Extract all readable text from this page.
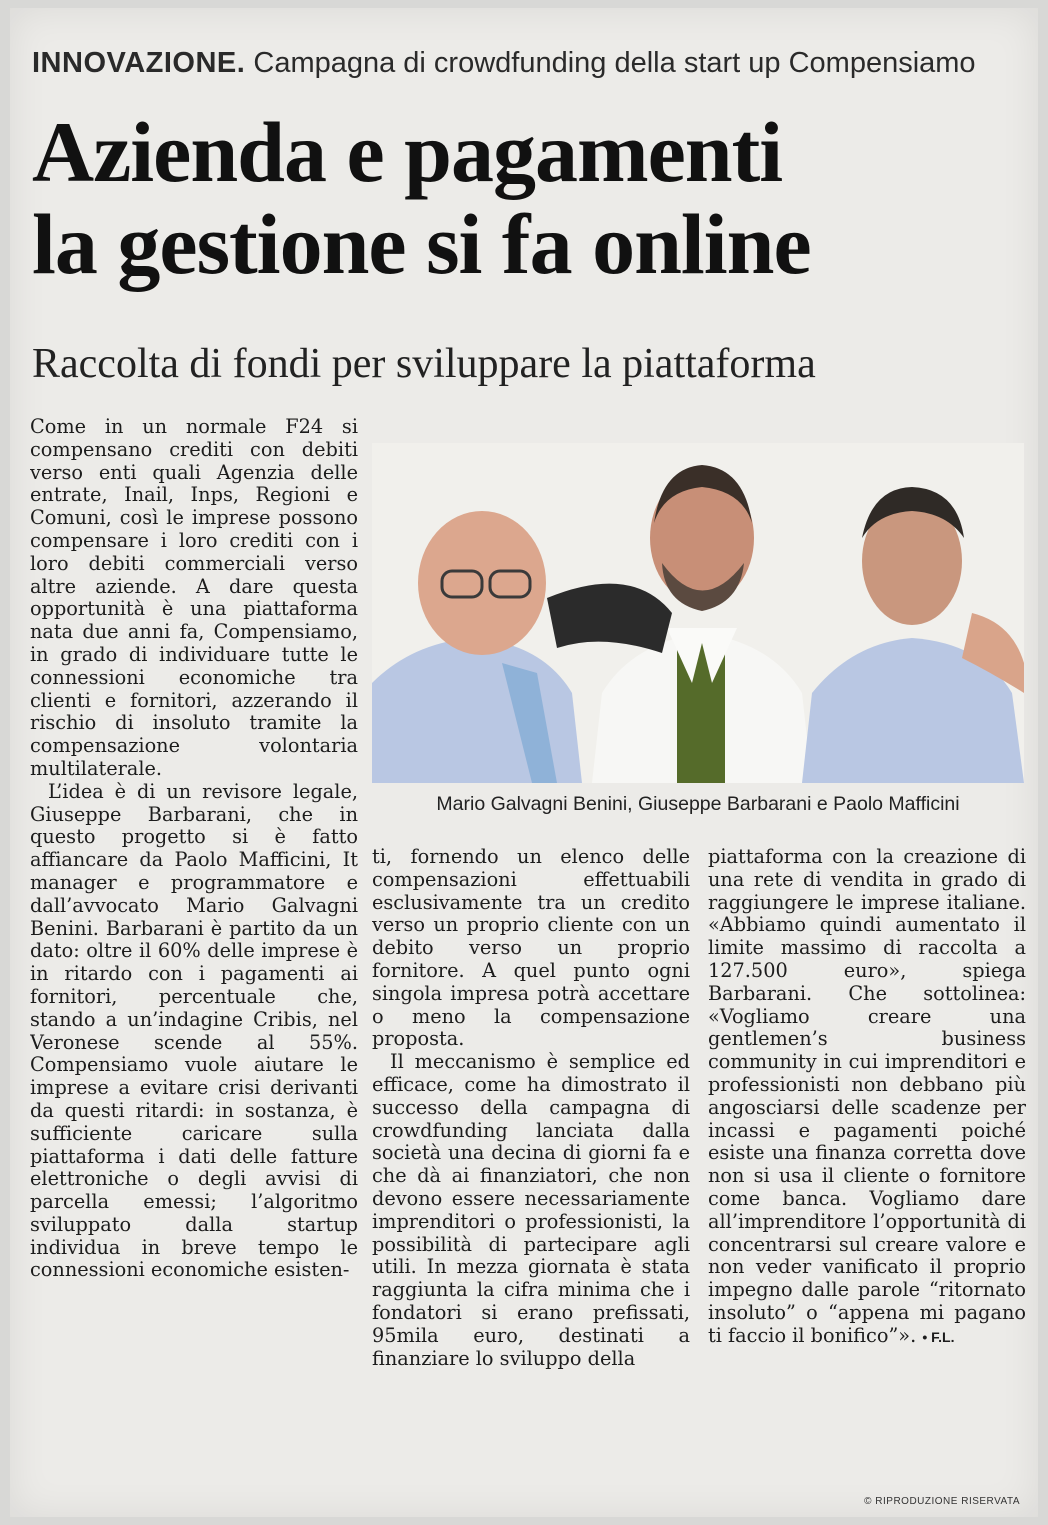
INNOVAZIONE. Campagna di crowdfunding della start up Compensiamo
Azienda e pagamenti
la gestione si fa online
Raccolta di fondi per sviluppare la piattaforma

Come in un normale F24 si compensano crediti con debiti verso enti quali Agenzia delle entrate, Inail, Inps, Regioni e Comuni, così le imprese possono compensare i loro crediti con i loro debiti commerciali verso altre aziende. A dare questa opportunità è una piattaforma nata due anni fa, Compensiamo, in grado di individuare tutte le connessioni economiche tra clienti e fornitori, azzerando il rischio di insoluto tramite la compensazione volontaria multilaterale.

L’idea è di un revisore legale, Giuseppe Barbarani, che in questo progetto si è fatto affiancare da Paolo Mafficini, It manager e programmatore e dall’avvocato Mario Galvagni Benini. Barbarani è partito da un dato: oltre il 60% delle imprese è in ritardo con i pagamenti ai fornitori, percentuale che, stando a un’indagine Cribis, nel Veronese scende al 55%. Compensiamo vuole aiutare le imprese a evitare crisi derivanti da questi ritardi: in sostanza, è sufficiente caricare sulla piattaforma i dati delle fatture elettroniche o degli avvisi di parcella emessi; l’algoritmo sviluppato dalla startup individua in breve tempo le connessioni economiche esisten-

Mario Galvagni Benini, Giuseppe Barbarani e Paolo Mafficini

ti, fornendo un elenco delle compensazioni effettuabili esclusivamente tra un credito verso un proprio cliente con un debito verso un proprio fornitore. A quel punto ogni singola impresa potrà accettare o meno la compensazione proposta.

Il meccanismo è semplice ed efficace, come ha dimostrato il successo della campagna di crowdfunding lanciata dalla società una decina di giorni fa e che dà ai finanziatori, che non devono essere necessariamente imprenditori o professionisti, la possibilità di partecipare agli utili. In mezza giornata è stata raggiunta la cifra minima che i fondatori si erano prefissati, 95mila euro, destinati a finanziare lo sviluppo della

piattaforma con la creazione di una rete di vendita in grado di raggiungere le imprese italiane. «Abbiamo quindi aumentato il limite massimo di raccolta a 127.500 euro», spiega Barbarani. Che sottolinea: «Vogliamo creare una gentlemen’s business community in cui imprenditori e professionisti non debbano più angosciarsi delle scadenze per incassi e pagamenti poiché esiste una finanza corretta dove non si usa il cliente o fornitore come banca. Vogliamo dare all’imprenditore l’opportunità di concentrarsi sul creare valore e non veder vanificato il proprio impegno dalle parole “ritornato insoluto” o “appena mi pagano ti faccio il bonifico”». • F.L.

© RIPRODUZIONE RISERVATA
